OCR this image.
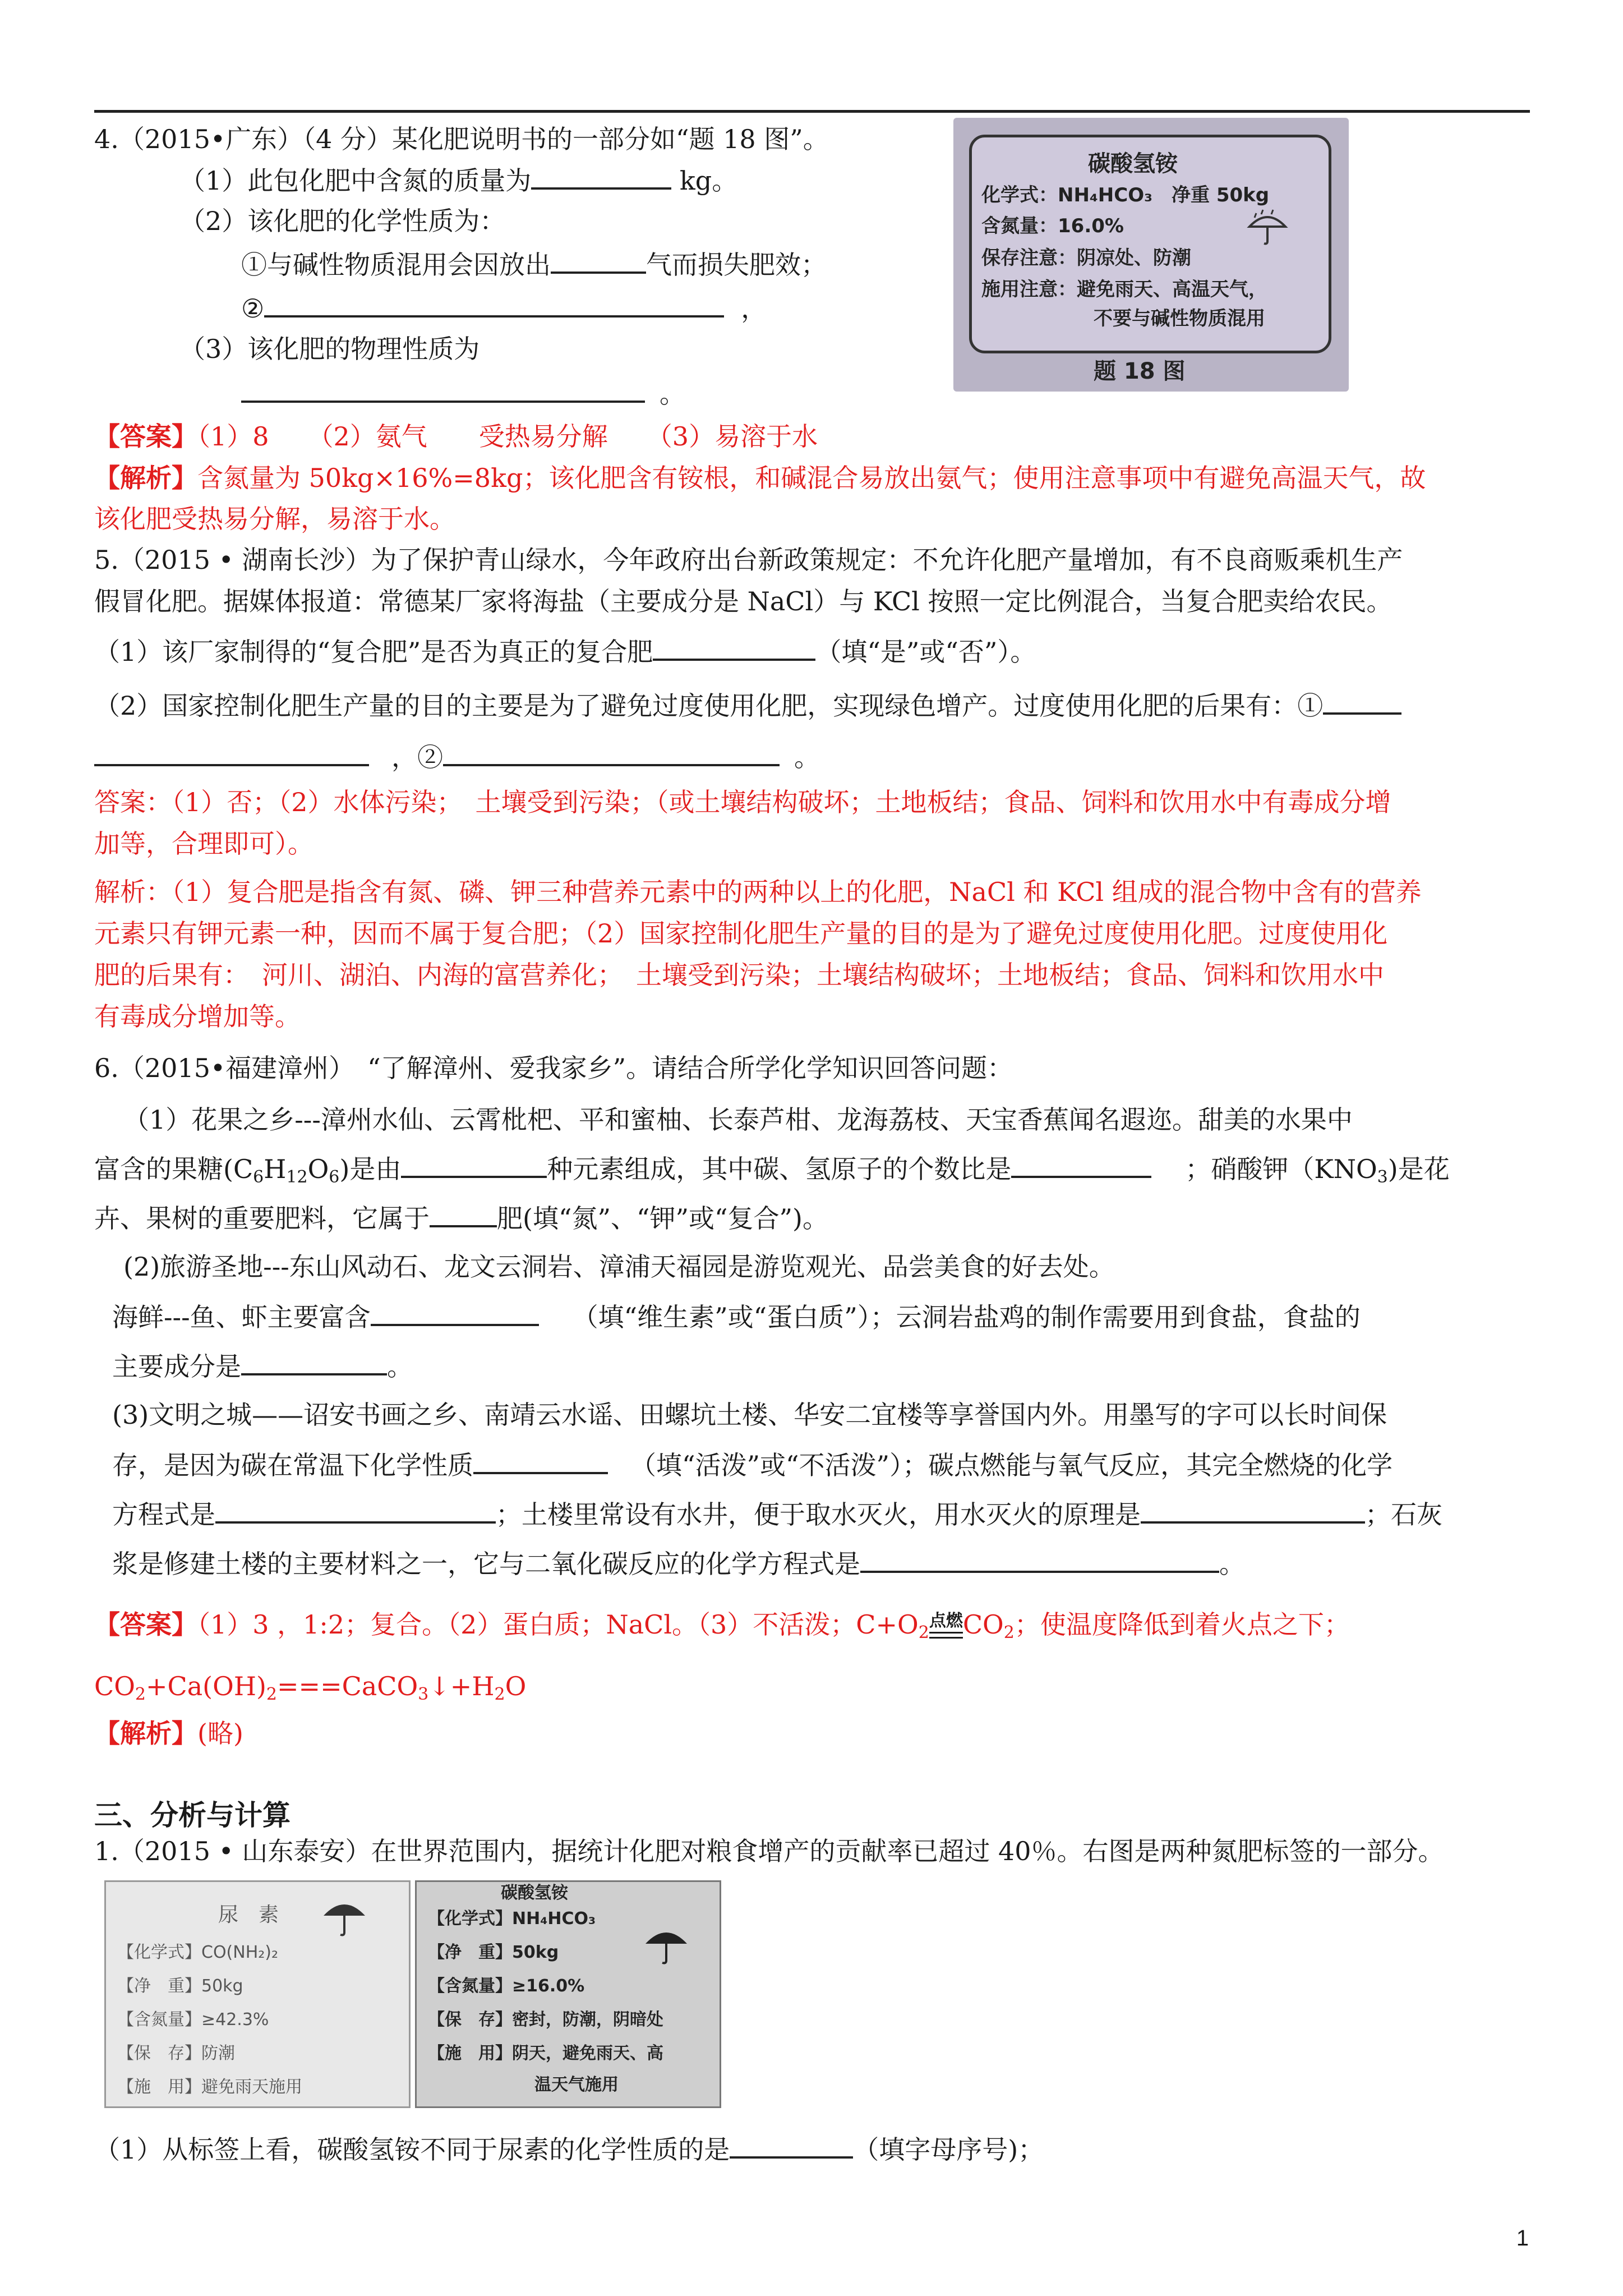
4.（2015•广东）（4 分）某化肥说明书的一部分如“题 18 图”。
（1）此包化肥中含氮的质量为	kg。
（2）该化肥的化学性质为：
①与碱性物质混用会因放出	气而损失肥效；
②	，
（3）该化肥的物理性质为
。
碳酸氢铵
化学式：NH₄HCO₃　净重 50kg
含氮量：16.0%
保存注意：阴凉处、防潮
施用注意：避免雨天、高温天气，
不要与碱性物质混用
题 18 图
【答案】（1）8　　（2）氨气　　受热易分解　　（3）易溶于水
【解析】含氮量为 50kg×16%=8kg；该化肥含有铵根，和碱混合易放出氨气；使用注意事项中有避免高温天气，故
该化肥受热易分解，易溶于水。
5.（2015 • 湖南长沙）为了保护青山绿水，今年政府出台新政策规定：不允许化肥产量增加，有不良商贩乘机生产
假冒化肥。据媒体报道：常德某厂家将海盐（主要成分是 NaCl）与 KCl 按照一定比例混合，当复合肥卖给农民。
（1）该厂家制得的“复合肥”是否为真正的复合肥	（填“是”或“否”）。
（2）国家控制化肥生产量的目的主要是为了避免过度使用化肥，实现绿色增产。过度使用化肥的后果有：①
，②	。
答案：（1）否；（2）水体污染；　土壤受到污染；（或土壤结构破坏；土地板结；食品、饲料和饮用水中有毒成分增
加等，合理即可）。
解析：（1）复合肥是指含有氮、磷、钾三种营养元素中的两种以上的化肥，NaCl 和 KCl 组成的混合物中含有的营养
元素只有钾元素一种，因而不属于复合肥；（2）国家控制化肥生产量的目的是为了避免过度使用化肥。过度使用化
肥的后果有：　河川、湖泊、内海的富营养化；　土壤受到污染；土壤结构破坏；土地板结；食品、饲料和饮用水中
有毒成分增加等。
6.（2015•福建漳州）　“了解漳州、爱我家乡”。请结合所学化学知识回答问题：
（1）花果之乡---漳州水仙、云霄枇杷、平和蜜柚、长泰芦柑、龙海荔枝、天宝香蕉闻名遐迩。甜美的水果中
富含的果糖$(C_6H_{12}O_6)$是由	种元素组成，其中碳、氢原子的个数比是	；硝酸钾$(KNO_3)$是花
卉、果树的重要肥料，它属于	肥(填“氮”、“钾”或“复合”)。
(2)旅游圣地---东山风动石、龙文云洞岩、漳浦天福园是游览观光、品尝美食的好去处。
海鲜---鱼、虾主要富含	（填“维生素”或“蛋白质”）；云洞岩盐鸡的制作需要用到食盐，食盐的
主要成分是	。
(3)文明之城——诏安书画之乡、南靖云水谣、田螺坑土楼、华安二宜楼等享誉国内外。用墨写的字可以长时间保
存，是因为碳在常温下化学性质	（填“活泼”或“不活泼”）；碳点燃能与氧气反应，其完全燃烧的化学
方程式是	；土楼里常设有水井，便于取水灭火，用水灭火的原理是	；石灰
浆是修建土楼的主要材料之一，它与二氧化碳反应的化学方程式是	。
【答案】（1）3 ，1:2；复合。（2）蛋白质；NaCl。（3）不活泼；$C+O_2$
点燃 $CO_2$；使温度降低到着火点之下；
$CO_2+Ca(OH)_2===CaCO_3↓+H_2O$
【解析】(略)
三、分析与计算
1.（2015 • 山东泰安）在世界范围内，据统计化肥对粮食增产的贡献率已超过 40％。右图是两种氮肥标签的一部分。
尿　素
【化学式】CO(NH₂)₂
【净　重】50kg
【含氮量】≥42.3%
【保　存】防潮
【施　用】避免雨天施用
碳酸氢铵
【化学式】NH₄HCO₃
【净　重】50kg
【含氮量】≥16.0%
【保　存】密封，防潮，阴暗处
【施　用】阴天，避免雨天、高
温天气施用
（1）从标签上看，碳酸氢铵不同于尿素的化学性质的是	（填字母序号)；
1
